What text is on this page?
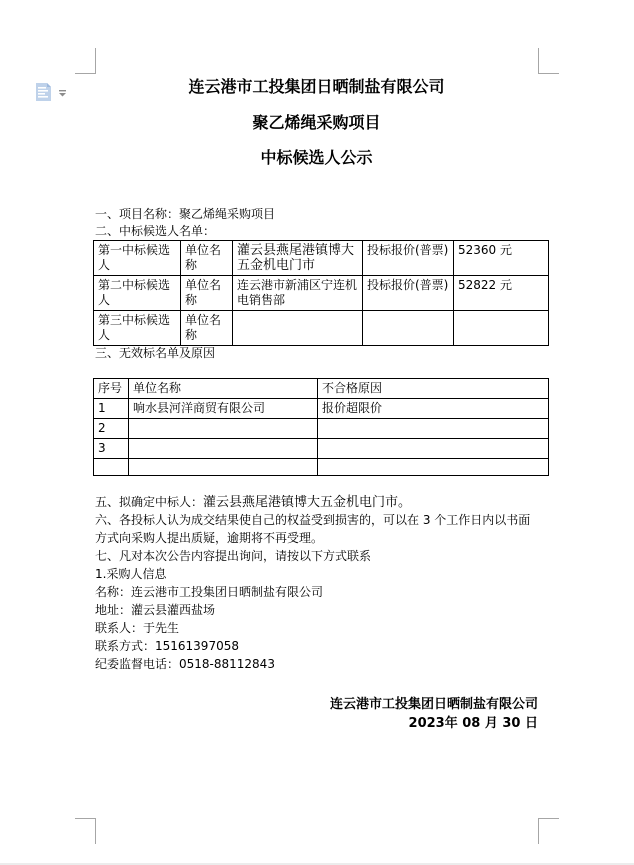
连云港市工投集团日晒制盐有限公司
聚乙烯绳采购项目
中标候选人公示
一、项目名称：聚乙烯绳采购项目
二、中标候选人名单：
第一中标候选人	单位名称	灌云县燕尾港镇博大五金机电门市	投标报价(普票)	52360 元
第二中标候选人	单位名称	连云港市新浦区宁连机电销售部	投标报价(普票)	52822 元
第三中标候选人	单位名称			
三、无效标名单及原因
序号	单位名称	不合格原因
1	响水县河洋商贸有限公司	报价超限价
2		
3		

五、拟确定中标人：灌云县燕尾港镇博大五金机电门市。
六、各投标人认为成交结果使自己的权益受到损害的，可以在 3 个工作日内以书面方式向采购人提出质疑，逾期将不再受理。
七、凡对本次公告内容提出询问，请按以下方式联系
1.采购人信息
名称：连云港市工投集团日晒制盐有限公司
地址：灌云县灌西盐场
联系人：于先生
联系方式：15161397058
纪委监督电话：0518-88112843
连云港市工投集团日晒制盐有限公司
2023年 08 月 30 日
